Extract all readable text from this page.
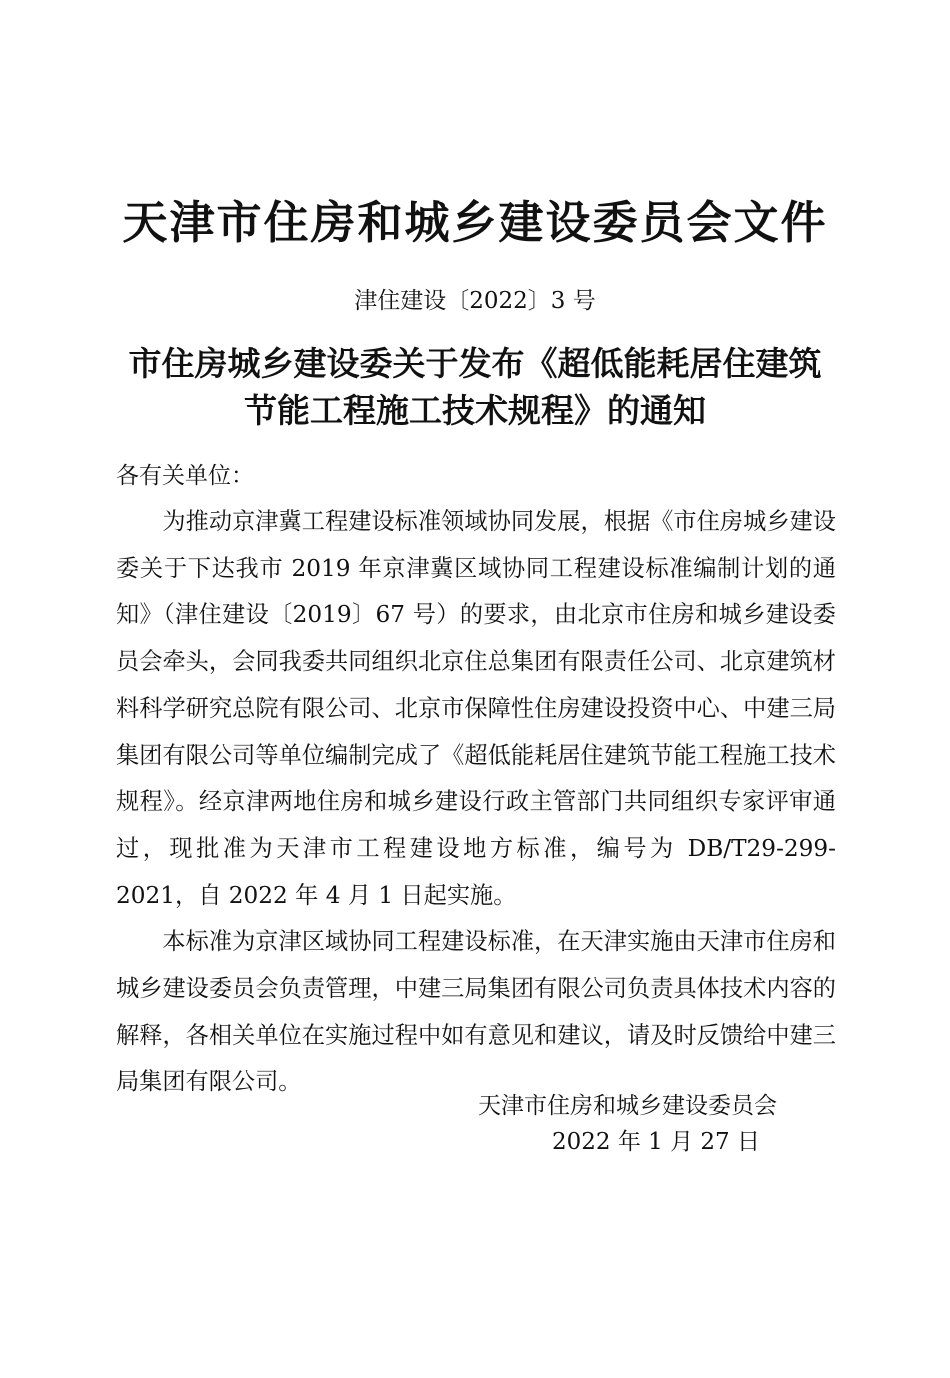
天津市住房和城乡建设委员会文件
津住建设〔2022〕3 号
市住房城乡建设委关于发布《超低能耗居住建筑
节能工程施工技术规程》的通知
各有关单位：

为推动京津冀工程建设标准领域协同发展，根据《市住房城乡建设委关于下达我市 2019 年京津冀区域协同工程建设标准编制计划的通知》（津住建设〔2019〕67 号）的要求，由北京市住房和城乡建设委员会牵头，会同我委共同组织北京住总集团有限责任公司、北京建筑材料科学研究总院有限公司、北京市保障性住房建设投资中心、中建三局集团有限公司等单位编制完成了《超低能耗居住建筑节能工程施工技术规程》。经京津两地住房和城乡建设行政主管部门共同组织专家评审通过，现批准为天津市工程建设地方标准，编号为 DB/T29-299-2021，自 2022 年 4 月 1 日起实施。

本标准为京津区域协同工程建设标准，在天津实施由天津市住房和城乡建设委员会负责管理，中建三局集团有限公司负责具体技术内容的解释，各相关单位在实施过程中如有意见和建议，请及时反馈给中建三局集团有限公司。

天津市住房和城乡建设委员会
2022 年 1 月 27 日
